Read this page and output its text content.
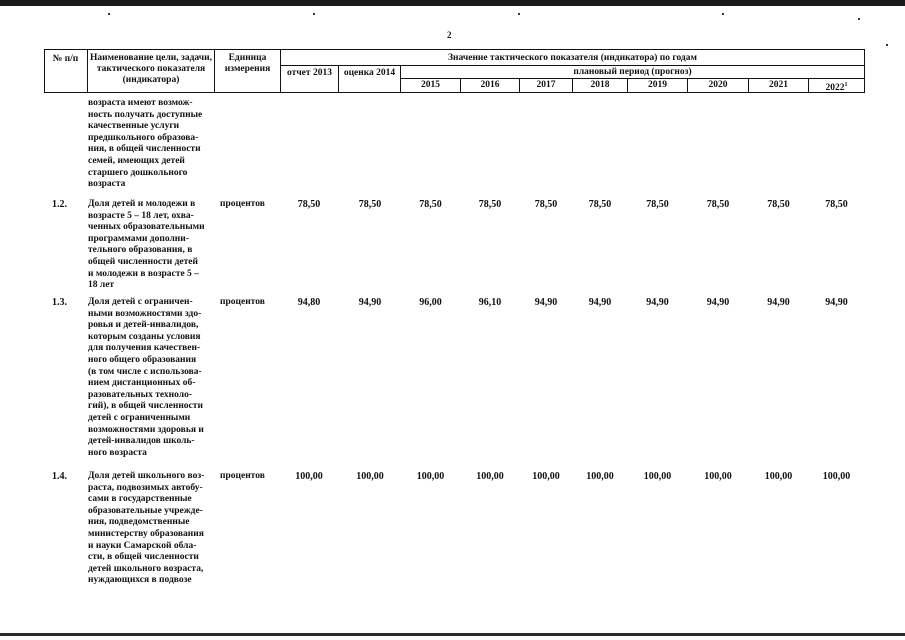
2
№ п/п	Наименование цели, задачи, тактического показателя (индикатора)
Единица измерения
Значение тактического показателя (индикатора) по годам
отчет 2013	оценка 2014	плановый период (прогноз)
2015	2016	2017	2018	2019	2020	2021	2022$^1$
возраста имеют возмож-
ность получать доступные
качественные услуги
предшкольного образова-
ния, в общей численности
семей, имеющих детей
старшего дошкольного
возраста
1.2. Доля детей и молодежи в
возрасте 5 – 18 лет, охва-
ченных образовательными
программами дополни-
тельного образования, в
общей численности детей
и молодежи в возрасте 5 –
18 лет
процентов	78,50	78,50	78,50	78,50	78,50	78,50	78,50	78,50	78,50	78,50
1.3. Доля детей с ограничен-
ными возможностями здо-
ровья и детей-инвалидов,
которым созданы условия
для получения качествен-
ного общего образования
(в том числе с использова-
нием дистанционных об-
разовательных техноло-
гий), в общей численности
детей с ограниченными
возможностями здоровья и
детей-инвалидов школь-
ного возраста
процентов	94,80	94,90	96,00	96,10	94,90	94,90	94,90	94,90	94,90	94,90
1.4. Доля детей школьного воз-
раста, подвозимых автобу-
сами в государственные
образовательные учрежде-
ния, подведомственные
министерству образования
и науки Самарской обла-
сти, в общей численности
детей школьного возраста,
нуждающихся в подвозе
процентов	100,00	100,00	100,00	100,00	100,00	100,00	100,00	100,00	100,00	100,00
